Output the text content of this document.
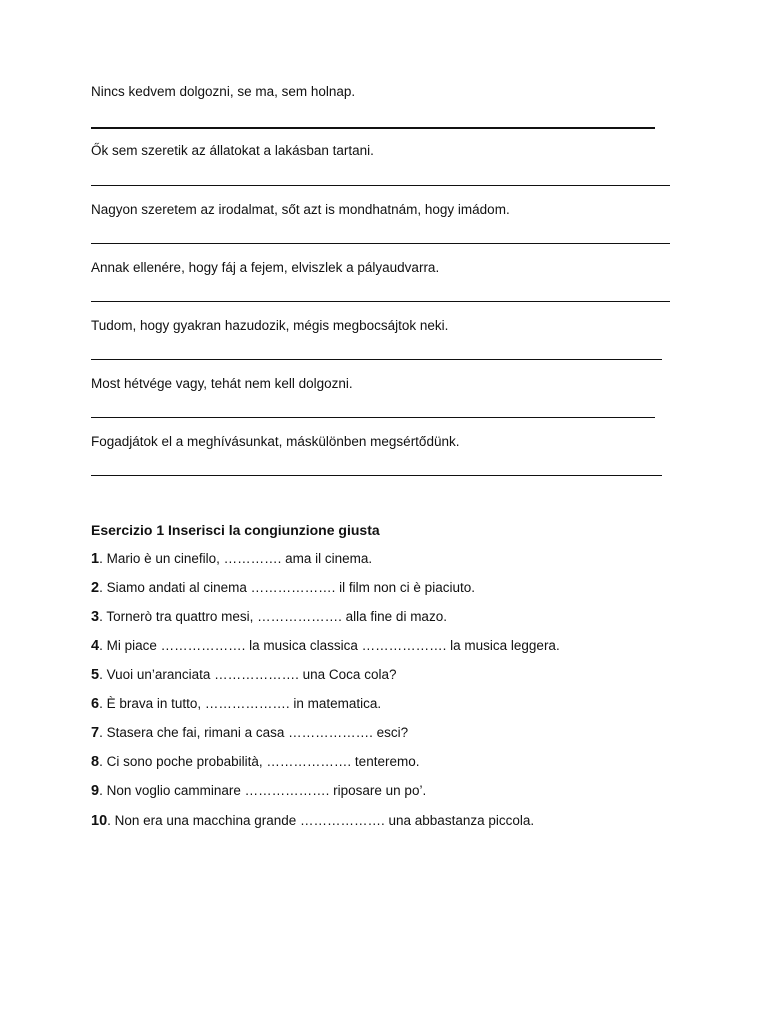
Nincs kedvem dolgozni, se ma, sem holnap.
Ők sem szeretik az állatokat a lakásban tartani.
Nagyon szeretem az irodalmat, sőt azt is mondhatnám, hogy imádom.
Annak ellenére, hogy fáj a fejem, elviszlek a pályaudvarra.
Tudom, hogy gyakran hazudozik, mégis megbocsájtok neki.
Most hétvége vagy, tehát nem kell dolgozni.
Fogadjátok el a meghívásunkat, máskülönben megsértődünk.
Esercizio 1 Inserisci la congiunzione giusta
1. Mario è un cinefilo, …………. ama il cinema.
2. Siamo andati al cinema ………………. il film non ci è piaciuto.
3. Tornerò tra quattro mesi, ………………. alla fine di mazo.
4. Mi piace ………………. la musica classica ………………. la musica leggera.
5. Vuoi un’aranciata ………………. una Coca cola?
6. È brava in tutto, ………………. in matematica.
7. Stasera che fai, rimani a casa ………………. esci?
8. Ci sono poche probabilità, ………………. tenteremo.
9. Non voglio camminare ………………. riposare un po’.
10. Non era una macchina grande ………………. una abbastanza piccola.
